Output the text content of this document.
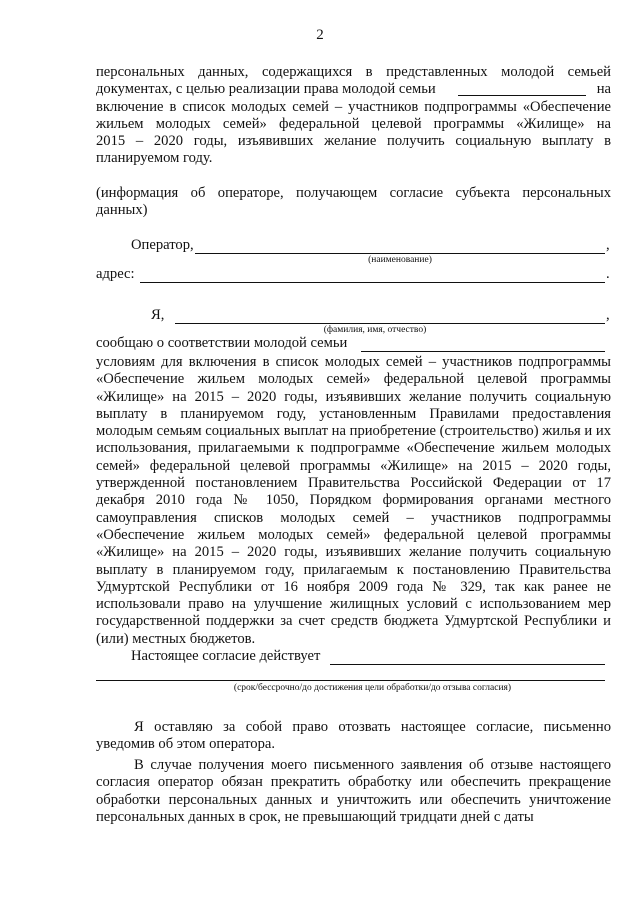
2
персональных данных, содержащихся в представленных молодой семьей
документах, с целью реализации права молодой семьи	на
включение в список молодых семей – участников подпрограммы «Обеспечение
жильем молодых семей» федеральной целевой программы «Жилище» на
2015 – 2020 годы, изъявивших желание получить социальную выплату в
планируемом году.
(информация об операторе, получающем согласие субъекта персональных данных)
Оператор,	,
(наименование)
адрес:	.
Я,	,
(фамилия, имя, отчество)
сообщаю о соответствии молодой семьи
условиям для включения в список молодых семей – участников подпрограммы «Обеспечение жильем молодых семей» федеральной целевой программы «Жилище» на 2015 – 2020 годы, изъявивших желание получить социальную выплату в планируемом году, установленным Правилами предоставления молодым семьям социальных выплат на приобретение (строительство) жилья и их использования, прилагаемыми к подпрограмме «Обеспечение жильем молодых семей» федеральной целевой программы «Жилище» на 2015 – 2020 годы, утвержденной постановлением Правительства Российской Федерации от 17 декабря 2010 года № 1050, Порядком формирования органами местного самоуправления списков молодых семей – участников подпрограммы «Обеспечение жильем молодых семей» федеральной целевой программы «Жилище» на 2015 – 2020 годы, изъявивших желание получить социальную выплату в планируемом году, прилагаемым к постановлению Правительства Удмуртской Республики от 16 ноября 2009 года № 329, так как ранее не использовали право на улучшение жилищных условий с использованием мер государственной поддержки за счет средств бюджета Удмуртской Республики и (или) местных бюджетов.
Настоящее согласие действует
(срок/бессрочно/до достижения цели обработки/до отзыва согласия)
Я оставляю за собой право отозвать настоящее согласие, письменно уведомив об этом оператора.
В случае получения моего письменного заявления об отзыве настоящего согласия оператор обязан прекратить обработку или обеспечить прекращение обработки персональных данных и уничтожить или обеспечить уничтожение персональных данных в срок, не превышающий тридцати дней с даты
